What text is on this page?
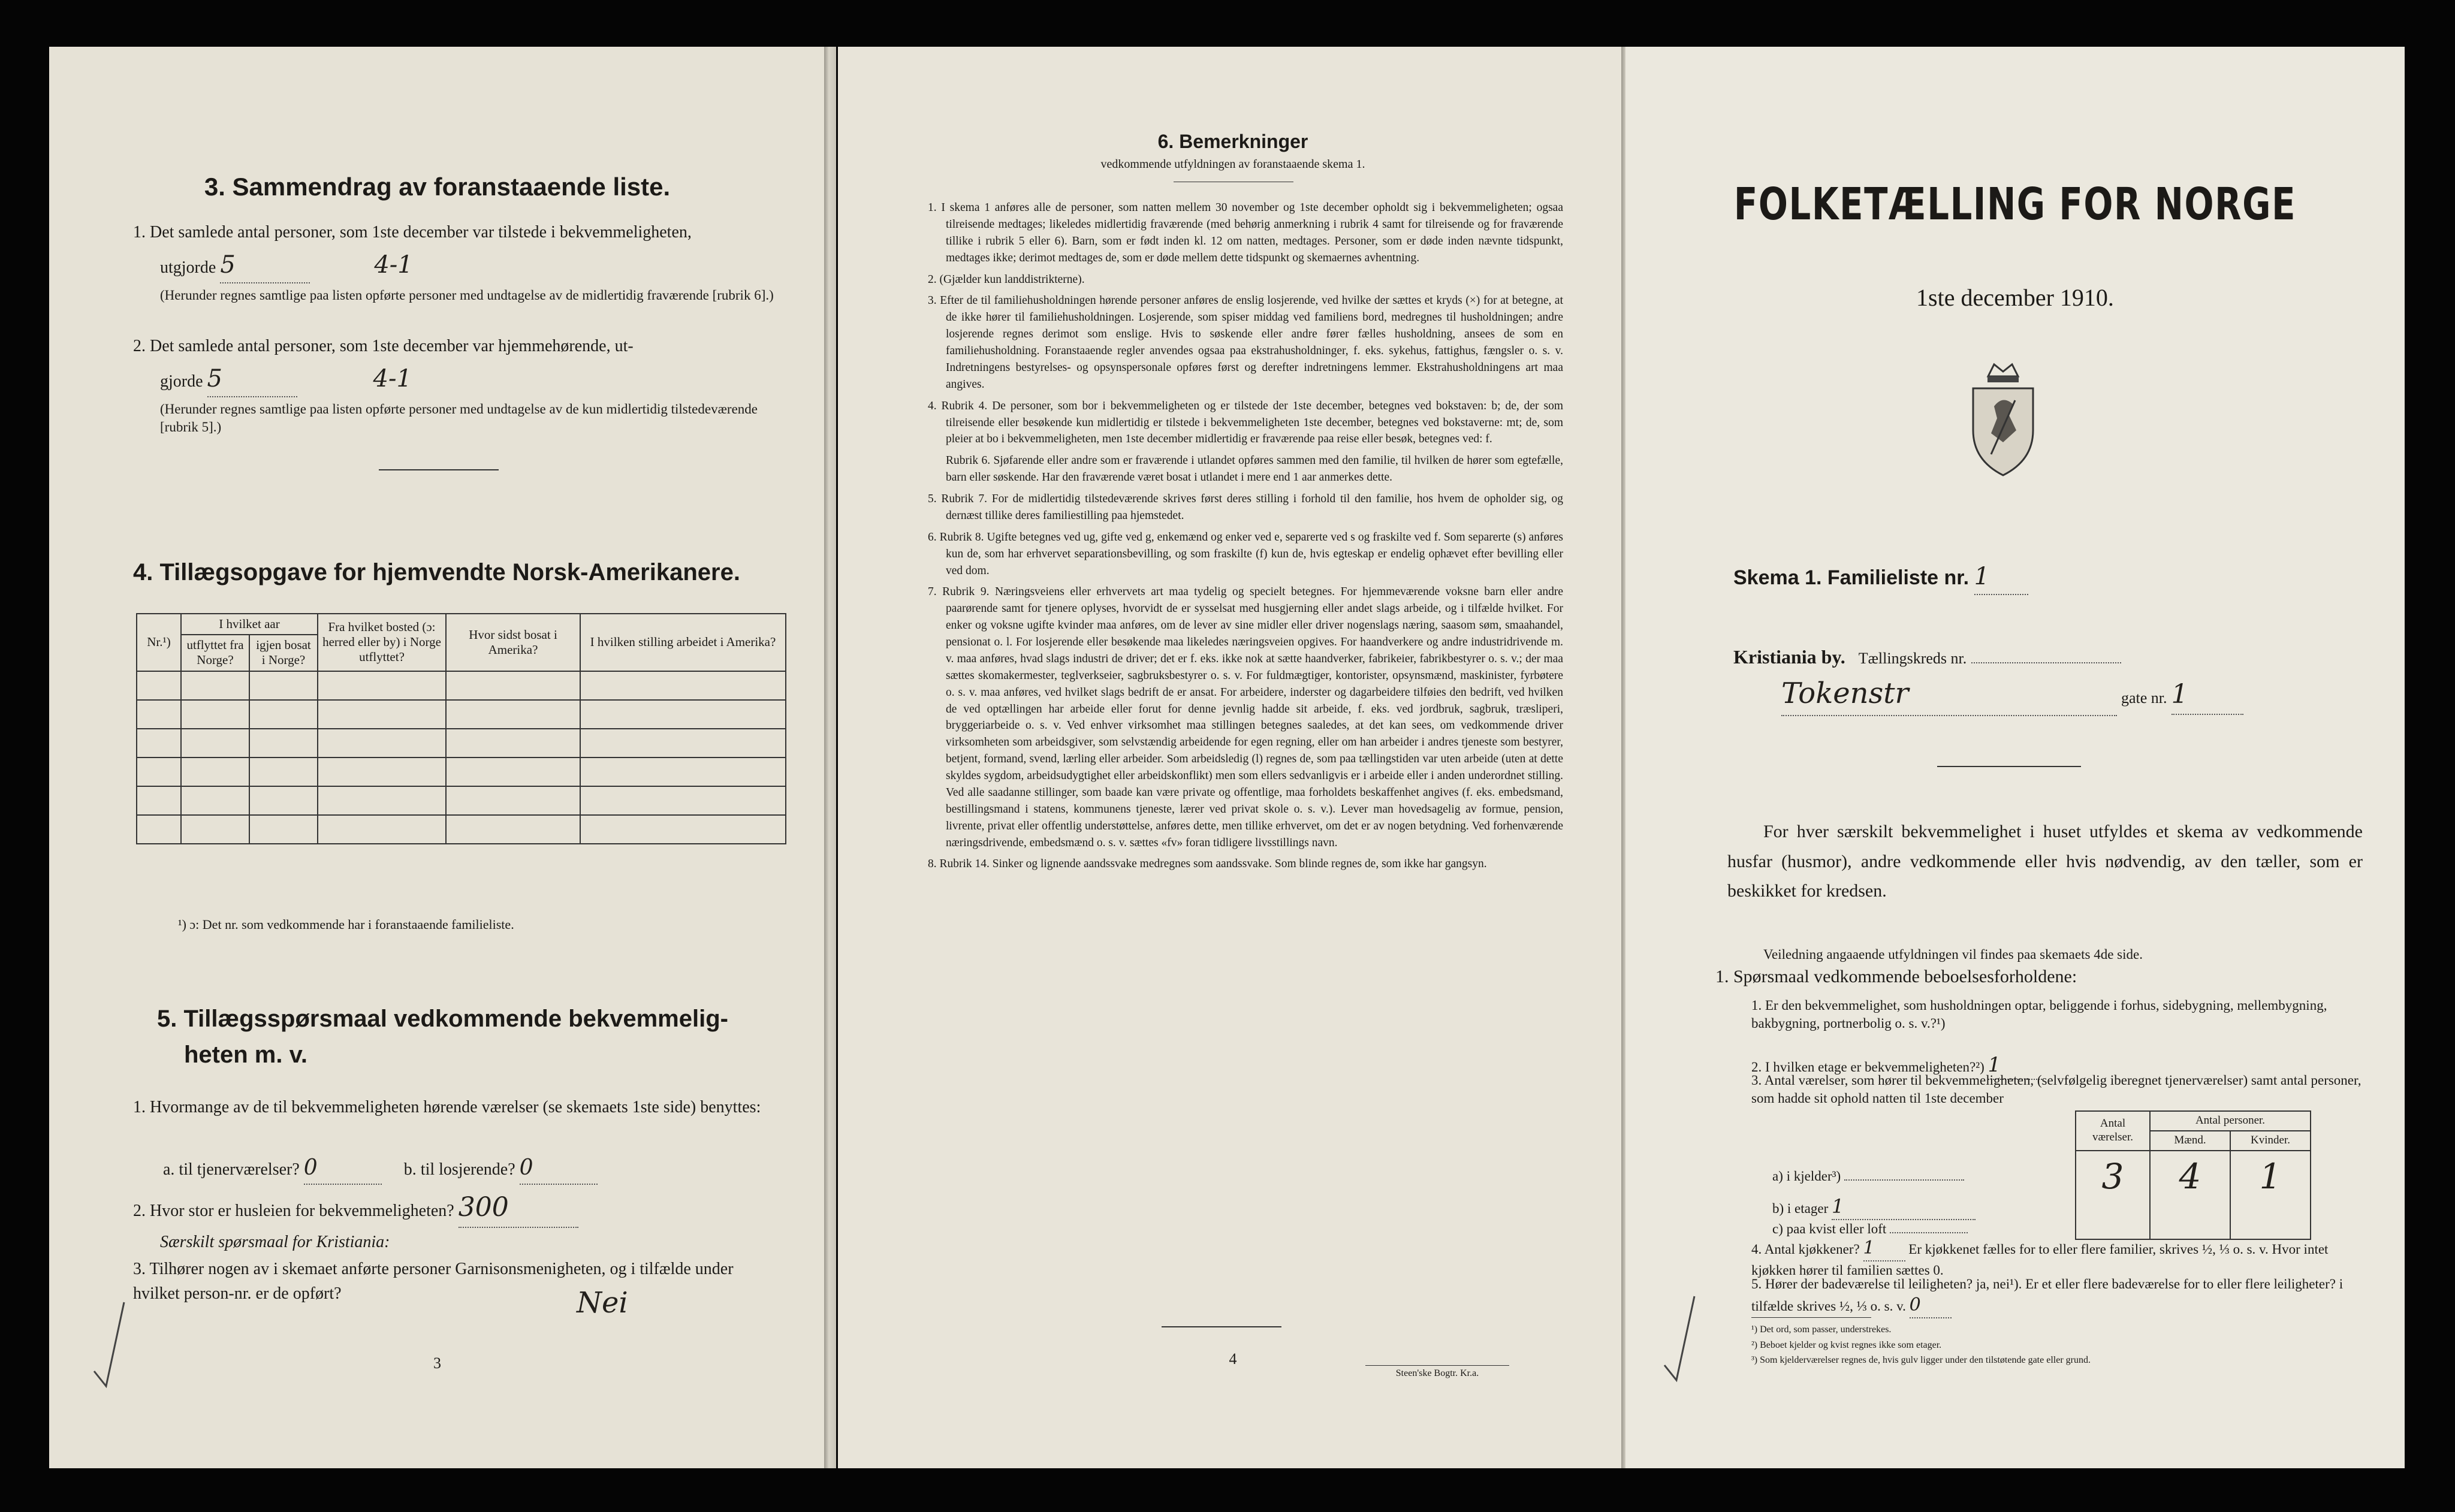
3. Sammendrag av foranstaaende liste.
1. Det samlede antal personer, som 1ste december var tilstede i bekvemmeligheten,
utgjorde 5	4-1
(Herunder regnes samtlige paa listen opførte personer med undtagelse av de midlertidig fraværende [rubrik 6].)
2. Det samlede antal personer, som 1ste december var hjemmehørende, ut-
gjorde 5	4-1
(Herunder regnes samtlige paa listen opførte personer med undtagelse av de kun midlertidig tilstedeværende [rubrik 5].)
4. Tillægsopgave for hjemvendte Norsk-Amerikanere.
Nr.¹)	I hvilket aar		Fra hvilket bosted (ɔ: herred eller by) i Norge utflyttet?	Hvor sidst bosat i Amerika?	I hvilken stilling arbeidet i Amerika?
	utflyttet fra Norge?	igjen bosat i Norge?			

¹) ɔ: Det nr. som vedkommende har i foranstaaende familieliste.
5. Tillægsspørsmaal vedkommende bekvemmelig-
heten m. v.
1. Hvormange av de til bekvemmeligheten hørende værelser (se skemaets 1ste side) benyttes:
a. til tjenerværelser? 0	b. til losjerende? 0
2. Hvor stor er husleien for bekvemmeligheten? 300
Særskilt spørsmaal for Kristiania:
3. Tilhører nogen av i skemaet anførte personer Garnisonsmenigheten, og i tilfælde under hvilket person-nr. er de opført?	Nei
3
6. Bemerkninger
vedkommende utfyldningen av foranstaaende skema 1.
1. I skema 1 anføres alle de personer, som natten mellem 30 november og 1ste december opholdt sig i bekvemmeligheten; ogsaa tilreisende medtages; likeledes midlertidig fraværende (med behørig anmerkning i rubrik 4 samt for tilreisende og for fraværende tillike i rubrik 5 eller 6). Barn, som er født inden kl. 12 om natten, medtages. Personer, som er døde inden nævnte tidspunkt, medtages ikke; derimot medtages de, som er døde mellem dette tidspunkt og skemaernes avhentning.
2. (Gjælder kun landdistrikterne).
3. Efter de til familiehusholdningen hørende personer anføres de enslig losjerende, ved hvilke der sættes et kryds (×) for at betegne, at de ikke hører til familiehusholdningen. Losjerende, som spiser middag ved familiens bord, medregnes til husholdningen; andre losjerende regnes derimot som enslige. Hvis to søskende eller andre fører fælles husholdning, ansees de som en familiehusholdning. Foranstaaende regler anvendes ogsaa paa ekstrahusholdninger, f. eks. sykehus, fattighus, fængsler o. s. v. Indretningens bestyrelses- og opsynspersonale opføres først og derefter indretningens lemmer. Ekstrahusholdningens art maa angives.
4. Rubrik 4. De personer, som bor i bekvemmeligheten og er tilstede der 1ste december, betegnes ved bokstaven: b; de, der som tilreisende eller besøkende kun midlertidig er tilstede i bekvemmeligheten 1ste december, betegnes ved bokstaverne: mt; de, som pleier at bo i bekvemmeligheten, men 1ste december midlertidig er fraværende paa reise eller besøk, betegnes ved: f.
Rubrik 6. Sjøfarende eller andre som er fraværende i utlandet opføres sammen med den familie, til hvilken de hører som egtefælle, barn eller søskende. Har den fraværende været bosat i utlandet i mere end 1 aar anmerkes dette.
5. Rubrik 7. For de midlertidig tilstedeværende skrives først deres stilling i forhold til den familie, hos hvem de opholder sig, og dernæst tillike deres familiestilling paa hjemstedet.
6. Rubrik 8. Ugifte betegnes ved ug, gifte ved g, enkemænd og enker ved e, separerte ved s og fraskilte ved f. Som separerte (s) anføres kun de, som har erhvervet separationsbevilling, og som fraskilte (f) kun de, hvis egteskap er endelig ophævet efter bevilling eller ved dom.
7. Rubrik 9. Næringsveiens eller erhvervets art maa tydelig og specielt betegnes. For hjemmeværende voksne barn eller andre paarørende samt for tjenere oplyses, hvorvidt de er sysselsat med husgjerning eller andet slags arbeide, og i tilfælde hvilket. For enker og voksne ugifte kvinder maa anføres, om de lever av sine midler eller driver nogenslags næring, saasom søm, smaahandel, pensionat o. l. For losjerende eller besøkende maa likeledes næringsveien opgives. For haandverkere og andre industridrivende m. v. maa anføres, hvad slags industri de driver; det er f. eks. ikke nok at sætte haandverker, fabrikeier, fabrikbestyrer o. s. v.; der maa sættes skomakermester, teglverkseier, sagbruksbestyrer o. s. v. For fuldmægtiger, kontorister, opsynsmænd, maskinister, fyrbøtere o. s. v. maa anføres, ved hvilket slags bedrift de er ansat. For arbeidere, inderster og dagarbeidere tilføies den bedrift, ved hvilken de ved optællingen har arbeide eller forut for denne jevnlig hadde sit arbeide, f. eks. ved jordbruk, sagbruk, træsliperi, bryggeriarbeide o. s. v. Ved enhver virksomhet maa stillingen betegnes saaledes, at det kan sees, om vedkommende driver virksomheten som arbeidsgiver, som selvstændig arbeidende for egen regning, eller om han arbeider i andres tjeneste som bestyrer, betjent, formand, svend, lærling eller arbeider. Som arbeidsledig (l) regnes de, som paa tællingstiden var uten arbeide (uten at dette skyldes sygdom, arbeidsudygtighet eller arbeidskonflikt) men som ellers sedvanligvis er i arbeide eller i anden underordnet stilling. Ved alle saadanne stillinger, som baade kan være private og offentlige, maa forholdets beskaffenhet angives (f. eks. embedsmand, bestillingsmand i statens, kommunens tjeneste, lærer ved privat skole o. s. v.). Lever man hovedsagelig av formue, pension, livrente, privat eller offentlig understøttelse, anføres dette, men tillike erhvervet, om det er av nogen betydning. Ved forhenværende næringsdrivende, embedsmænd o. s. v. sættes «fv» foran tidligere livsstillings navn.
8. Rubrik 14. Sinker og lignende aandssvake medregnes som aandssvake. Som blinde regnes de, som ikke har gangsyn.
4
Steen'ske Bogtr. Kr.a.
FOLKETÆLLING FOR NORGE
1ste december 1910.
Skema 1. Familieliste nr. 1
Kristiania by. Tællingskreds nr.
Tokenstr	gate nr. 1
For hver særskilt bekvemmelighet i huset utfyldes et skema av vedkommende husfar (husmor), andre vedkommende eller hvis nødvendig, av den tæller, som er beskikket for kredsen.
Veiledning angaaende utfyldningen vil findes paa skemaets 4de side.
1. Spørsmaal vedkommende beboelsesforholdene:
1. Er den bekvemmelighet, som husholdningen optar, beliggende i forhus, sidebygning, mellembygning, bakbygning, portnerbolig o. s. v.?¹)
2. I hvilken etage er bekvemmeligheten?²) 1
3. Antal værelser, som hører til bekvemmeligheten, (selvfølgelig iberegnet tjenerværelser) samt antal personer, som hadde sit ophold natten til 1ste december
Antal værelser.	Antal personer.	
	Mænd.	Kvinder.
3	4	1

a) i kjelder³)
b) i etager 1
c) paa kvist eller loft
4. Antal kjøkkener? 1 Er kjøkkenet fælles for to eller flere familier, skrives ½, ⅓ o. s. v. Hvor intet kjøkken hører til familien sættes 0.
5. Hører der badeværelse til leiligheten? ja, nei¹). Er et eller flere badeværelse for to eller flere leiligheter? i tilfælde skrives ½, ⅓ o. s. v. 0
¹) Det ord, som passer, understrekes.
²) Beboet kjelder og kvist regnes ikke som etager.
³) Som kjelderværelser regnes de, hvis gulv ligger under den tilstøtende gate eller grund.
